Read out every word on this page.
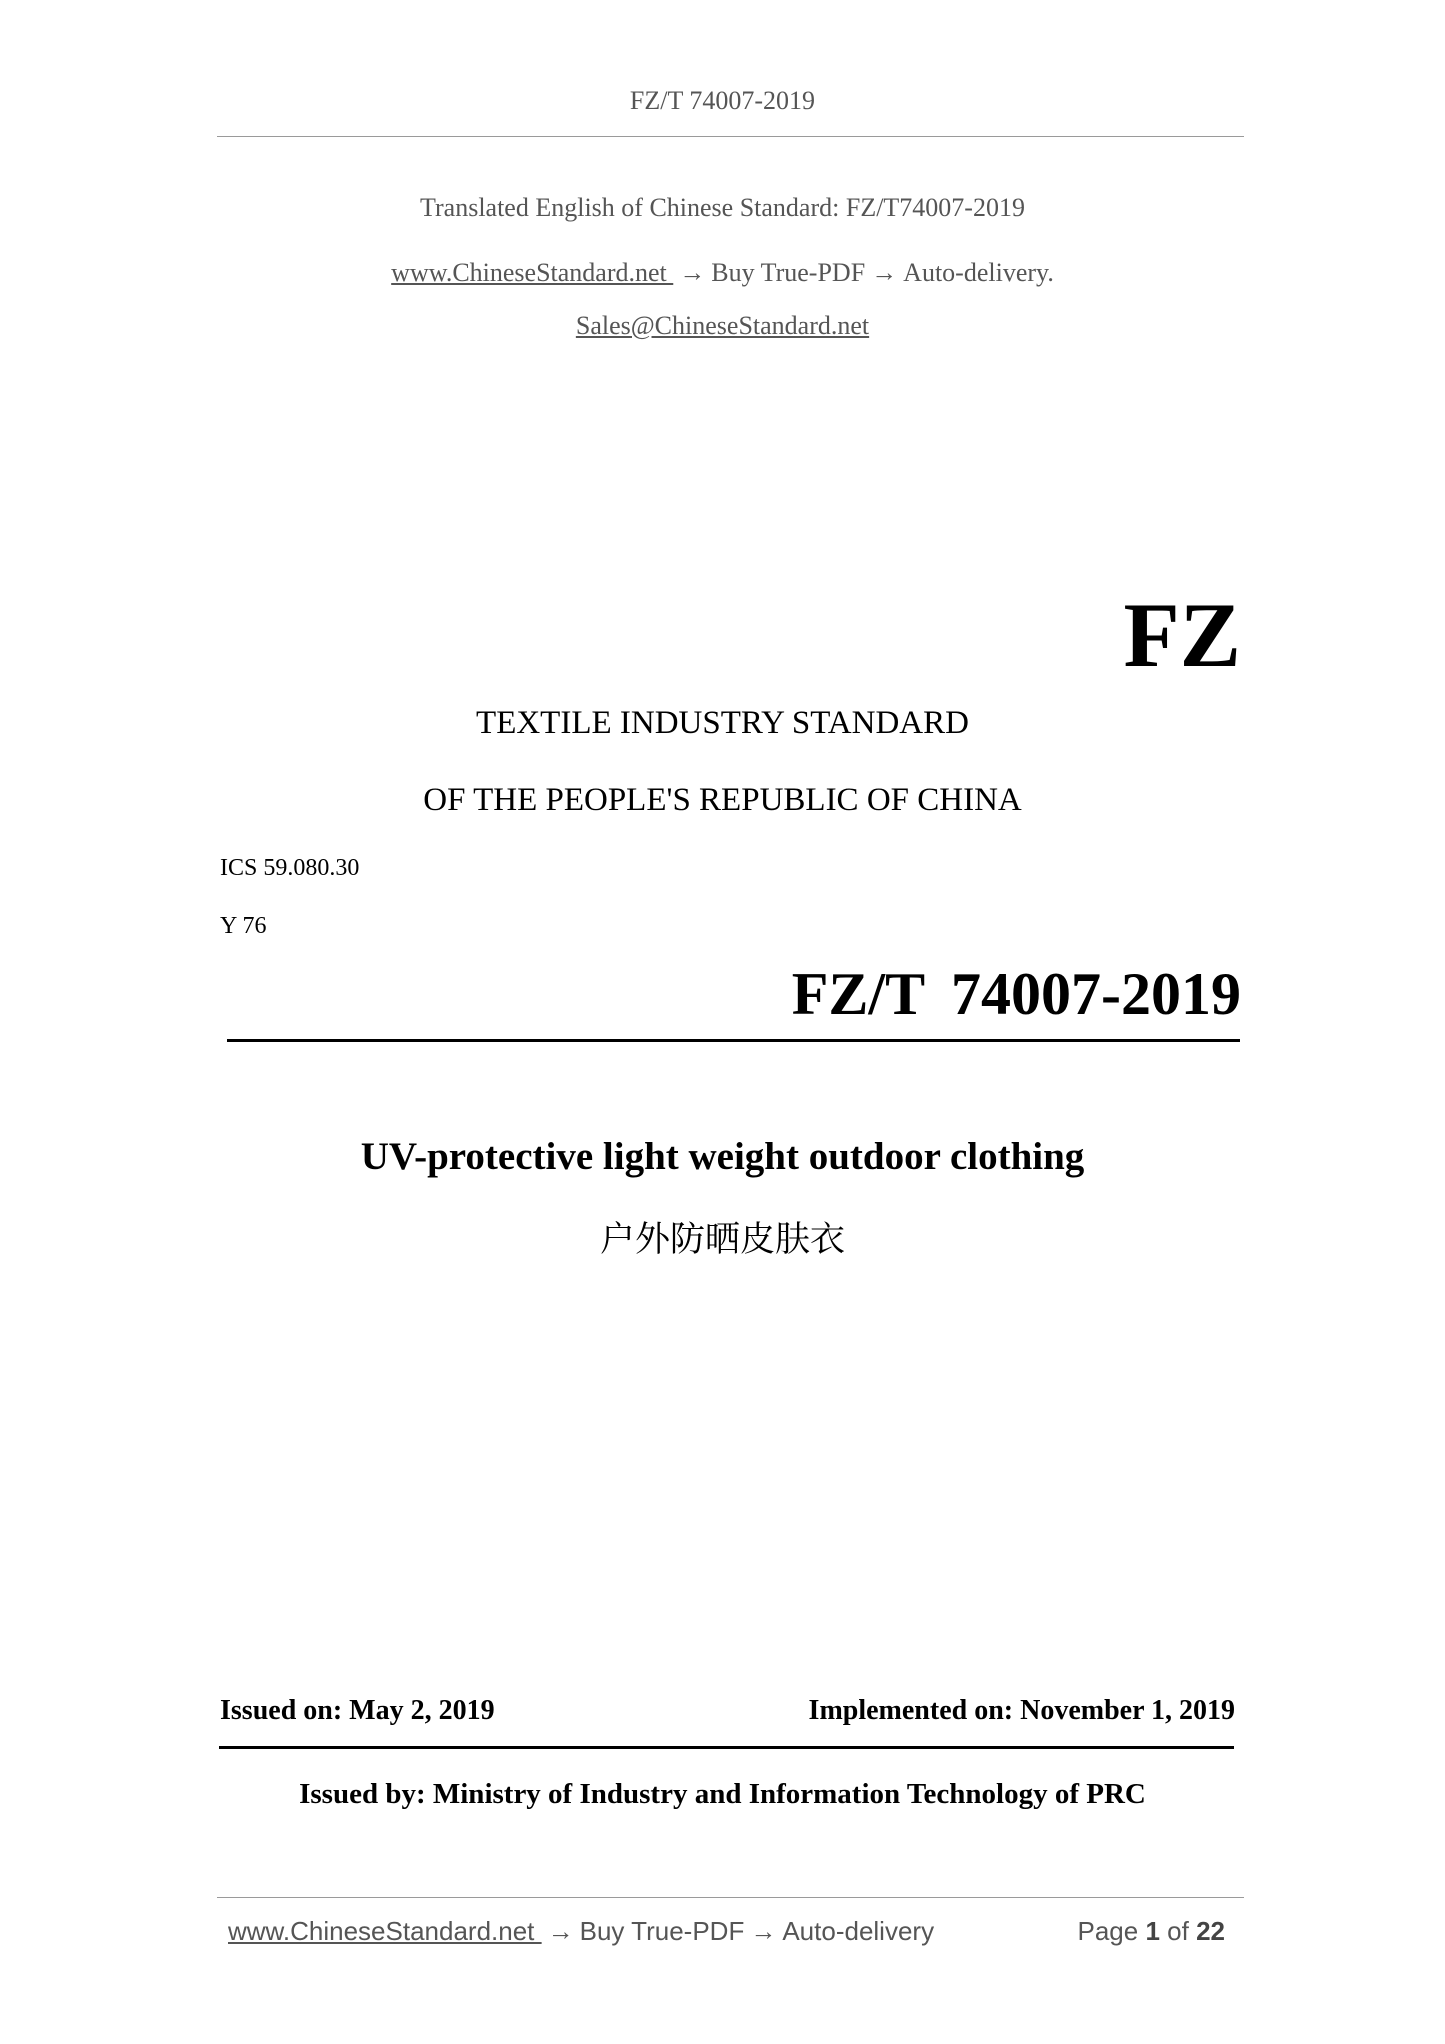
FZ/T 74007-2019
Translated English of Chinese Standard: FZ/T74007-2019
www.ChineseStandard.net → Buy True-PDF → Auto-delivery.
Sales@ChineseStandard.net
FZ
TEXTILE INDUSTRY STANDARD
OF THE PEOPLE'S REPUBLIC OF CHINA
ICS 59.080.30
Y 76
FZ/T 74007-2019
UV-protective light weight outdoor clothing
户外防晒皮肤衣
Issued on: May 2, 2019	Implemented on: November 1, 2019
Issued by: Ministry of Industry and Information Technology of PRC
www.ChineseStandard.net → Buy True-PDF → Auto-delivery	Page 1 of 22
